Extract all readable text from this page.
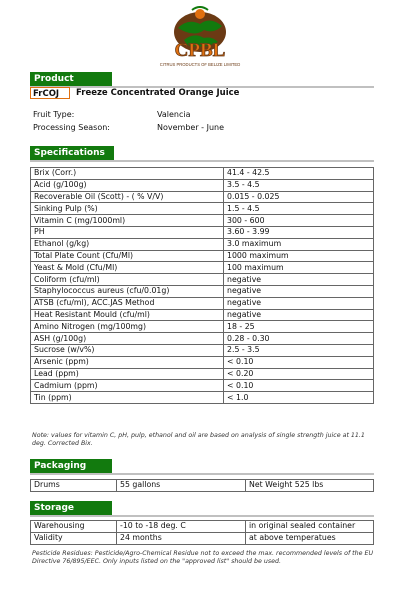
CPBL
CITRUS PRODUCTS OF BELIZE LIMITED
Product
FrCOJ	Freeze Concentrated Orange Juice
Fruit Type:	Valencia
Processing Season:	November - June
Specifications
Brix (Corr.)	41.4 - 42.5
Acid (g/100g)	3.5 - 4.5
Recoverable Oil (Scott) - ( % V/V)	0.015 - 0.025
Sinking Pulp (%)	1.5 - 4.5
Vitamin C (mg/1000ml)	300 - 600
PH	3.60 - 3.99
Ethanol (g/kg)	3.0 maximum
Total Plate Count (Cfu/Ml)	1000 maximum
Yeast & Mold (Cfu/Ml)	100 maximum
Coliform (cfu/ml)	negative
Staphylococcus aureus (cfu/0.01g)	negative
ATSB (cfu/ml), ACC.JAS Method	negative
Heat Resistant Mould (cfu/ml)	negative
Amino Nitrogen (mg/100mg)	18 - 25
ASH (g/100g)	0.28 - 0.30
Sucrose (w/v%)	2.5 - 3.5
Arsenic (ppm)	< 0.10
Lead (ppm)	< 0.20
Cadmium (ppm)	< 0.10
Tin (ppm)	< 1.0
Note: values for vitamin C, pH, pulp, ethanol and oil are based on analysis of single strength juice at 11.1 deg. Corrected Bix.
Packaging
Drums	55 gallons	Net Weight 525 lbs
Storage
Warehousing	-10 to -18 deg. C	in original sealed container
Validity	24 months	at above temperatues
Pesticide Residues: Pesticide/Agro-Chemical Residue not to exceed the max. recommended levels of the EU Directive 76/895/EEC. Only inputs listed on the "approved list" should be used.
